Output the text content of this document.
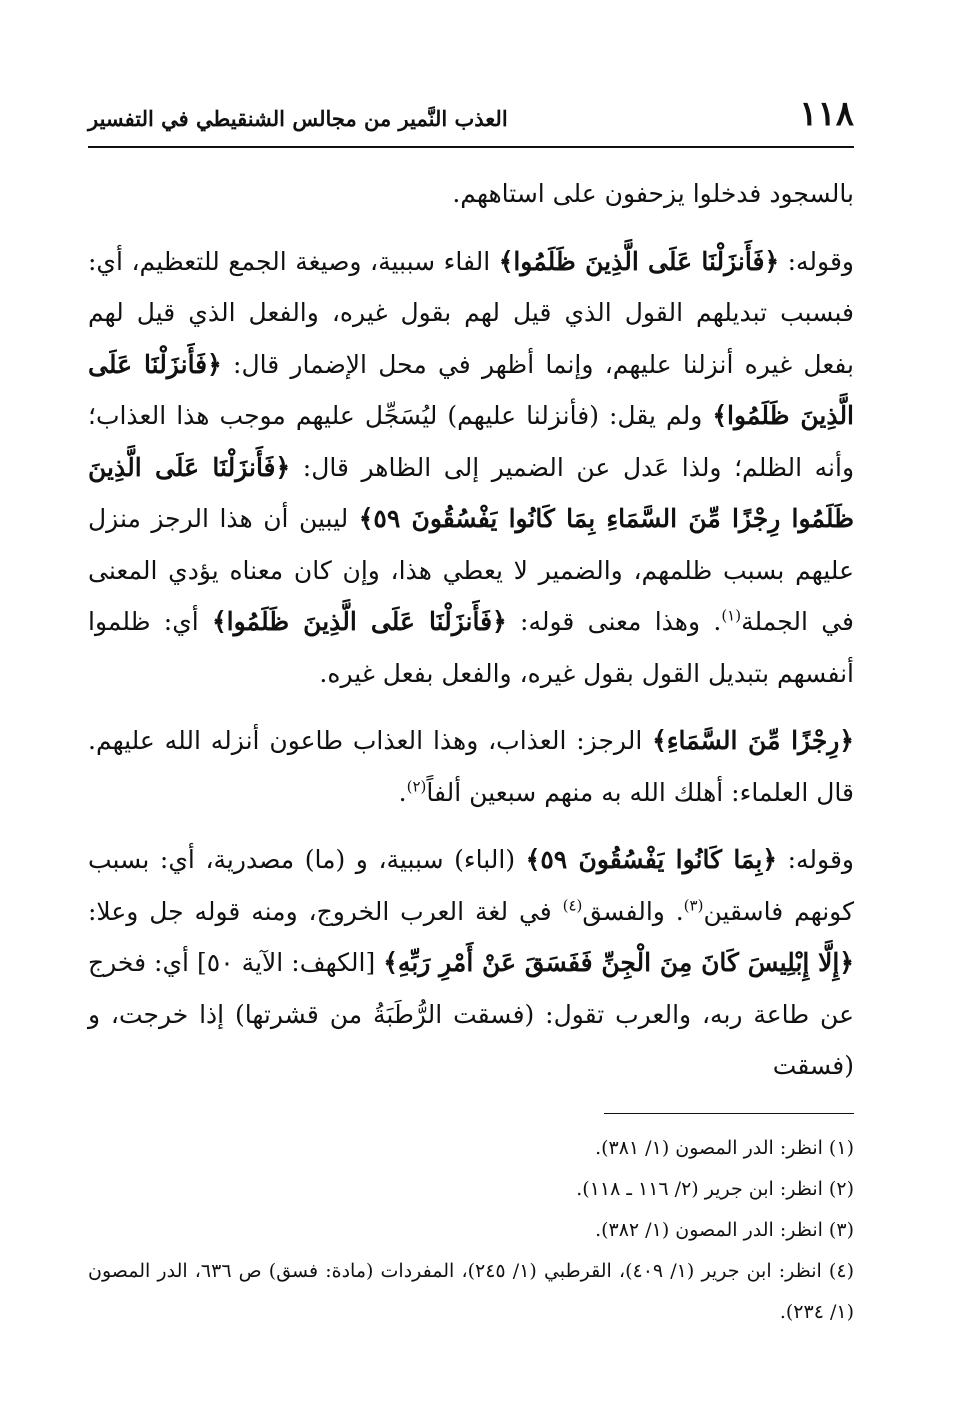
١١٨
العذب النَّمير من مجالس الشنقيطي في التفسير

بالسجود فدخلوا يزحفون على استاههم.

وقوله: ﴿فَأَنزَلْنَا عَلَى الَّذِينَ ظَلَمُوا﴾ الفاء سببية، وصيغة الجمع للتعظيم، أي: فبسبب تبديلهم القول الذي قيل لهم بقول غيره، والفعل الذي قيل لهم بفعل غيره أنزلنا عليهم، وإنما أظهر في محل الإضمار قال: ﴿فَأَنزَلْنَا عَلَى الَّذِينَ ظَلَمُوا﴾ ولم يقل: (فأنزلنا عليهم) ليُسَجِّل عليهم موجب هذا العذاب؛ وأنه الظلم؛ ولذا عَدل عن الضمير إلى الظاهر قال: ﴿فَأَنزَلْنَا عَلَى الَّذِينَ ظَلَمُوا رِجْزًا مِّنَ السَّمَاءِ بِمَا كَانُوا يَفْسُقُونَ ٥٩﴾ ليبين أن هذا الرجز منزل عليهم بسبب ظلمهم، والضمير لا يعطي هذا، وإن كان معناه يؤدي المعنى في الجملة$^{(١)}$. وهذا معنى قوله: ﴿فَأَنزَلْنَا عَلَى الَّذِينَ ظَلَمُوا﴾ أي: ظلموا أنفسهم بتبديل القول بقول غيره، والفعل بفعل غيره.

﴿رِجْزًا مِّنَ السَّمَاءِ﴾ الرجز: العذاب، وهذا العذاب طاعون أنزله الله عليهم. قال العلماء: أهلك الله به منهم سبعين ألفاً$^{(٢)}$.

وقوله: ﴿بِمَا كَانُوا يَفْسُقُونَ ٥٩﴾ (الباء) سببية، و (ما) مصدرية، أي: بسبب كونهم فاسقين$^{(٣)}$. والفسق$^{(٤)}$ في لغة العرب الخروج، ومنه قوله جل وعلا: ﴿إِلَّا إِبْلِيسَ كَانَ مِنَ الْجِنِّ فَفَسَقَ عَنْ أَمْرِ رَبِّهِ﴾ [الكهف: الآية ٥٠] أي: فخرج عن طاعة ربه، والعرب تقول: (فسقت الرُّطَبَةُ من قشرتها) إذا خرجت، و (فسقت

(١) انظر: الدر المصون (١/ ٣٨١).

(٢) انظر: ابن جرير (٢/ ١١٦ ـ ١١٨).

(٣) انظر: الدر المصون (١/ ٣٨٢).

(٤) انظر: ابن جرير (١/ ٤٠٩)، القرطبي (١/ ٢٤٥)، المفردات (مادة: فسق) ص ٦٣٦، الدر المصون (١/ ٢٣٤).
